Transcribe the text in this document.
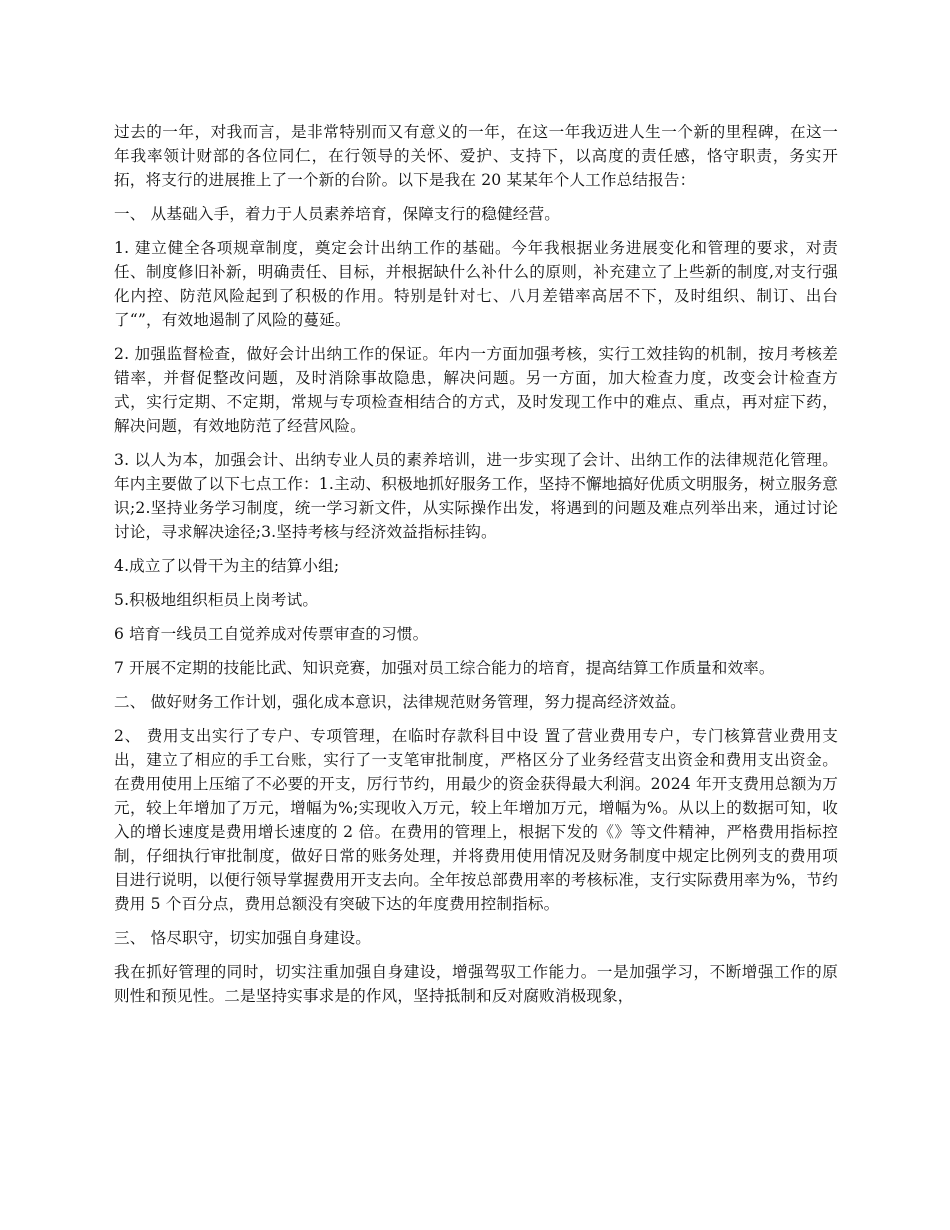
过去的一年，对我而言，是非常特别而又有意义的一年，在这一年我迈进人生一个新的里程碑，在这一年我率领计财部的各位同仁，在行领导的关怀、爱护、支持下，以高度的责任感，恪守职责，务实开拓，将支行的进展推上了一个新的台阶。以下是我在 20 某某年个人工作总结报告：

一、 从基础入手，着力于人员素养培育，保障支行的稳健经营。

1. 建立健全各项规章制度，奠定会计出纳工作的基础。今年我根据业务进展变化和管理的要求，对责任、制度修旧补新，明确责任、目标，并根据缺什么补什么的原则，补充建立了上些新的制度,对支行强化内控、防范风险起到了积极的作用。特别是针对七、八月差错率高居不下，及时组织、制订、出台了“”，有效地遏制了风险的蔓延。

2. 加强监督检查，做好会计出纳工作的保证。年内一方面加强考核，实行工效挂钩的机制，按月考核差错率，并督促整改问题，及时消除事故隐患，解决问题。另一方面，加大检查力度，改变会计检查方式，实行定期、不定期，常规与专项检查相结合的方式，及时发现工作中的难点、重点，再对症下药，解决问题，有效地防范了经营风险。

3. 以人为本，加强会计、出纳专业人员的素养培训，进一步实现了会计、出纳工作的法律规范化管理。年内主要做了以下七点工作：1.主动、积极地抓好服务工作，坚持不懈地搞好优质文明服务，树立服务意识;2.坚持业务学习制度，统一学习新文件，从实际操作出发，将遇到的问题及难点列举出来，通过讨论讨论，寻求解决途径;3.坚持考核与经济效益指标挂钩。

4.成立了以骨干为主的结算小组;

5.积极地组织柜员上岗考试。

6 培育一线员工自觉养成对传票审查的习惯。

7 开展不定期的技能比武、知识竞赛，加强对员工综合能力的培育，提高结算工作质量和效率。

二、 做好财务工作计划，强化成本意识，法律规范财务管理，努力提高经济效益。

2、 费用支出实行了专户、专项管理，在临时存款科目中设 置了营业费用专户，专门核算营业费用支出，建立了相应的手工台账，实行了一支笔审批制度，严格区分了业务经营支出资金和费用支出资金。在费用使用上压缩了不必要的开支，厉行节约，用最少的资金获得最大利润。2024 年开支费用总额为万元，较上年增加了万元，增幅为%;实现收入万元，较上年增加万元，增幅为%。从以上的数据可知，收入的增长速度是费用增长速度的 2 倍。在费用的管理上，根据下发的《》等文件精神，严格费用指标控制，仔细执行审批制度，做好日常的账务处理，并将费用使用情况及财务制度中规定比例列支的费用项目进行说明，以便行领导掌握费用开支去向。全年按总部费用率的考核标准，支行实际费用率为%，节约费用 5 个百分点，费用总额没有突破下达的年度费用控制指标。

三、 恪尽职守，切实加强自身建设。

我在抓好管理的同时，切实注重加强自身建设，增强驾驭工作能力。一是加强学习，不断增强工作的原则性和预见性。二是坚持实事求是的作风，坚持抵制和反对腐败消极现象，
